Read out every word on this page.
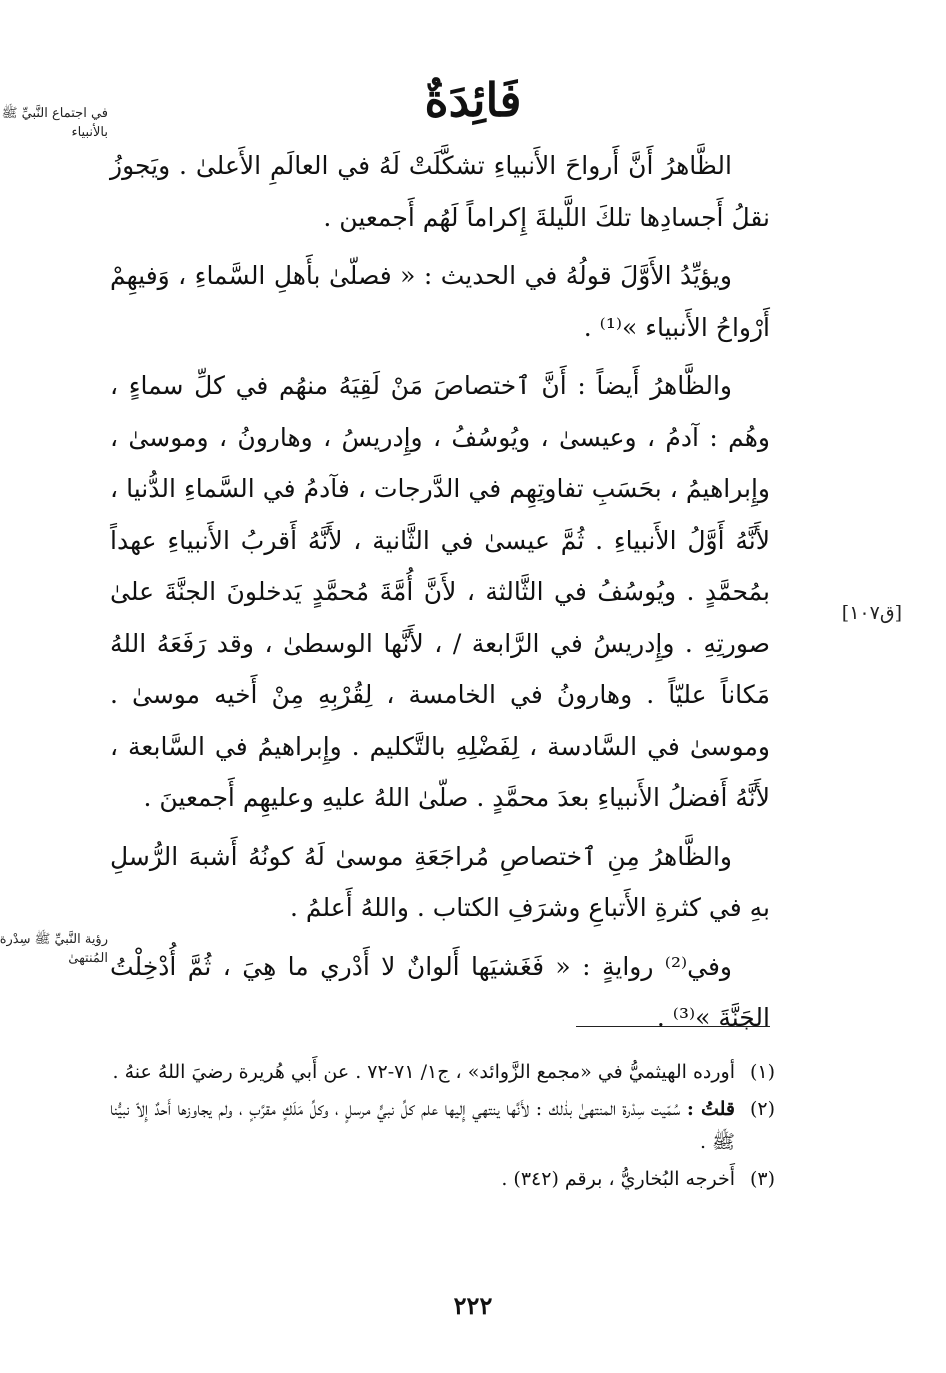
فَائِدَةٌ
في اجتماع النَّبيِّ ﷺ بالأنبياء
[ق١٠٧]
رؤية النَّبيِّ ﷺ سِدْرة المُنتهىٰ

الظَّاهرُ أَنَّ أَرواحَ الأَنبياءِ تشكَّلَتْ لَهُ في العالَمِ الأَعلىٰ . ويَجوزُ نقلُ أَجسادِها تلكَ اللَّيلةَ إِكراماً لَهُم أَجمعين .

ويؤيِّدُ الأَوَّلَ قولُهُ في الحديث : « فصلّىٰ بأَهلِ السَّماءِ ، وَفيهِمْ أَرْواحُ الأَنبياء »⁽¹⁾ .

والظَّاهرُ أَيضاً : أَنَّ ٱختصاصَ مَنْ لَقِيَهُ منهُم في كلِّ سماءٍ ، وهُم : آدمُ ، وعيسىٰ ، ويُوسُفُ ، وإِدريسُ ، وهارونُ ، وموسىٰ ، وإِبراهيمُ ، بحَسَبِ تفاوتِهِم في الدَّرجات ، فآدمُ في السَّماءِ الدُّنيا ، لأَنَّهُ أَوَّلُ الأَنبياءِ . ثُمَّ عيسىٰ في الثَّانية ، لأَنَّهُ أَقربُ الأَنبياءِ عهداً بمُحمَّدٍ . ويُوسُفُ في الثَّالثة ، لأَنَّ أُمَّةَ مُحمَّدٍ يَدخلونَ الجنَّةَ علىٰ صورتِهِ . وإِدريسُ في الرَّابعة / ، لأَنَّها الوسطىٰ ، وقد رَفَعَهُ اللهُ مَكاناً عليّاً . وهارونُ في الخامسة ، لِقُرْبِهِ مِنْ أَخيه موسىٰ . وموسىٰ في السَّادسة ، لِفَضْلِهِ بالتَّكليم . وإِبراهيمُ في السَّابعة ، لأَنَّهُ أَفضلُ الأَنبياءِ بعدَ محمَّدٍ . صلّىٰ اللهُ عليهِ وعليهِم أَجمعينَ .

والظَّاهرُ مِنِ ٱختصاصِ مُراجَعَةِ موسىٰ لَهُ كونُهُ أَشبهَ الرُّسلِ بهِ في كثرةِ الأَتباعِ وشرَفِ الكتاب . واللهُ أَعلمُ .

وفي⁽²⁾ روايةٍ : « فَغَشيَها أَلوانٌ لا أَدْري ما هِيَ ، ثُمَّ أُدْخِلْتُ الجَنَّةَ »⁽³⁾ .

(١)
أورده الهيثميُّ في «مجمع الزَّوائد» ، ج١/ ٧١-٧٢ . عن أَبي هُريرة رضيَ اللهُ عنهُ .
(٢)
قلتُ : سُمّيت سِدْرة المنتهىٰ بذٰلك : لأَنَّها ينتهي إِليها علم كلِّ نبيٍّ مرسلٍ ، وكلِّ مَلَكٍ مقرَّبٍ ، ولم يجاوزها أَحدٌ إِلاّ نبيُّنا ﷺ .
(٣)
أَخرجه البُخاريُّ ، برقم (٣٤٢) .
٢٢٢
